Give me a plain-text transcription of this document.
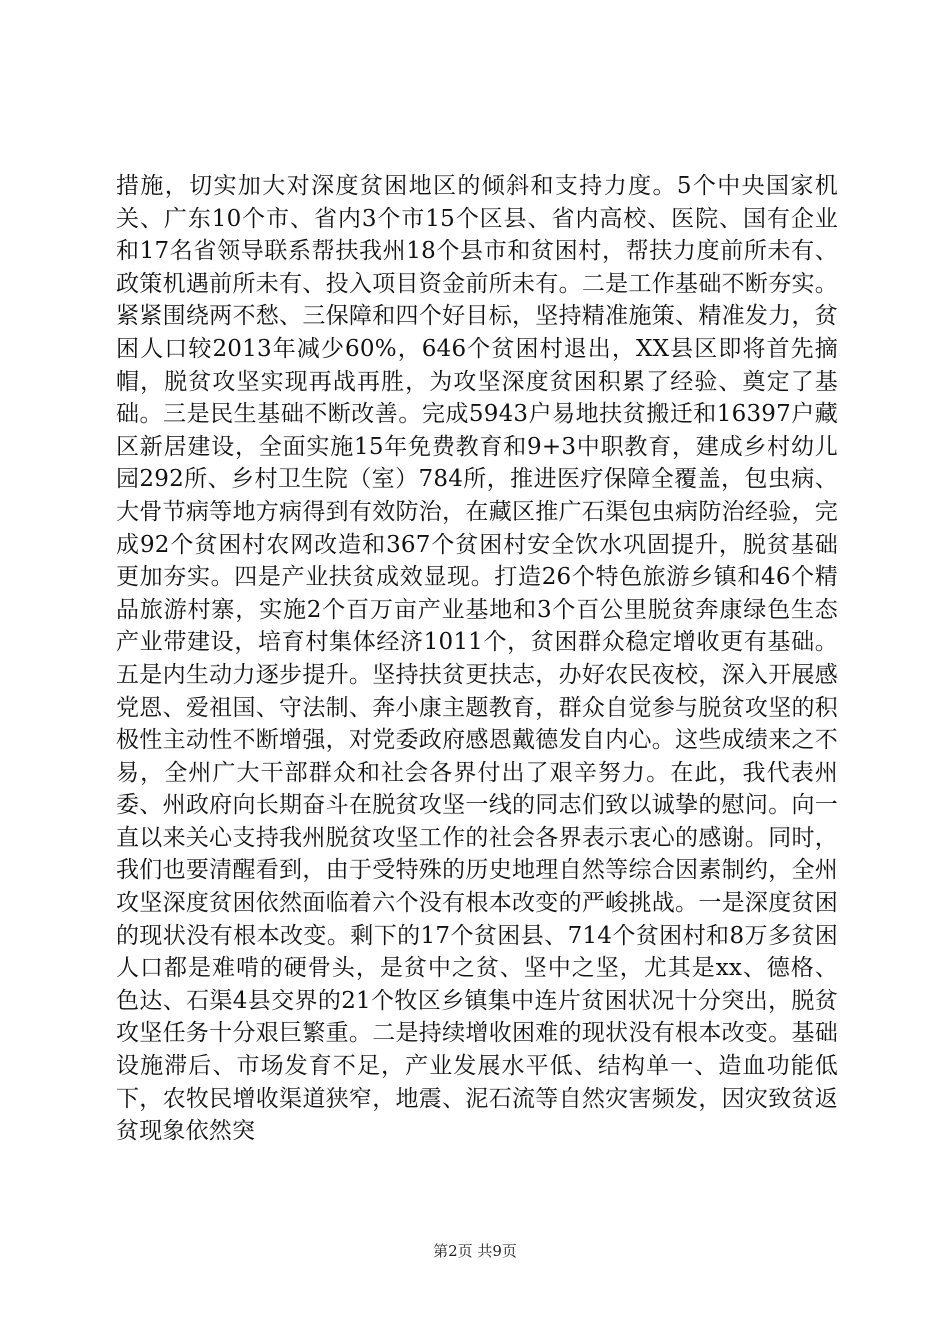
措施，切实加大对深度贫困地区的倾斜和支持力度。5个中央国家机关、广东10个市、省内3个市15个区县、省内高校、医院、国有企业和17名省领导联系帮扶我州18个县市和贫困村，帮扶力度前所未有、政策机遇前所未有、投入项目资金前所未有。二是工作基础不断夯实。紧紧围绕两不愁、三保障和四个好目标，坚持精准施策、精准发力，贫困人口较2013年减少60%，646个贫困村退出，XX县区即将首先摘帽，脱贫攻坚实现再战再胜，为攻坚深度贫困积累了经验、奠定了基础。三是民生基础不断改善。完成5943户易地扶贫搬迁和16397户藏区新居建设，全面实施15年免费教育和9+3中职教育，建成乡村幼儿园292所、乡村卫生院（室）784所，推进医疗保障全覆盖，包虫病、大骨节病等地方病得到有效防治，在藏区推广石渠包虫病防治经验，完成92个贫困村农网改造和367个贫困村安全饮水巩固提升，脱贫基础更加夯实。四是产业扶贫成效显现。打造26个特色旅游乡镇和46个精品旅游村寨，实施2个百万亩产业基地和3个百公里脱贫奔康绿色生态产业带建设，培育村集体经济1011个，贫困群众稳定增收更有基础。五是内生动力逐步提升。坚持扶贫更扶志，办好农民夜校，深入开展感党恩、爱祖国、守法制、奔小康主题教育，群众自觉参与脱贫攻坚的积极性主动性不断增强，对党委政府感恩戴德发自内心。这些成绩来之不易，全州广大干部群众和社会各界付出了艰辛努力。在此，我代表州委、州政府向长期奋斗在脱贫攻坚一线的同志们致以诚挚的慰问。向一直以来关心支持我州脱贫攻坚工作的社会各界表示衷心的感谢。同时，我们也要清醒看到，由于受特殊的历史地理自然等综合因素制约，全州攻坚深度贫困依然面临着六个没有根本改变的严峻挑战。一是深度贫困的现状没有根本改变。剩下的17个贫困县、714个贫困村和8万多贫困人口都是难啃的硬骨头，是贫中之贫、坚中之坚，尤其是xx、德格、色达、石渠4县交界的21个牧区乡镇集中连片贫困状况十分突出，脱贫攻坚任务十分艰巨繁重。二是持续增收困难的现状没有根本改变。基础设施滞后、市场发育不足，产业发展水平低、结构单一、造血功能低下，农牧民增收渠道狭窄，地震、泥石流等自然灾害频发，因灾致贫返贫现象依然突

第2页 共9页
